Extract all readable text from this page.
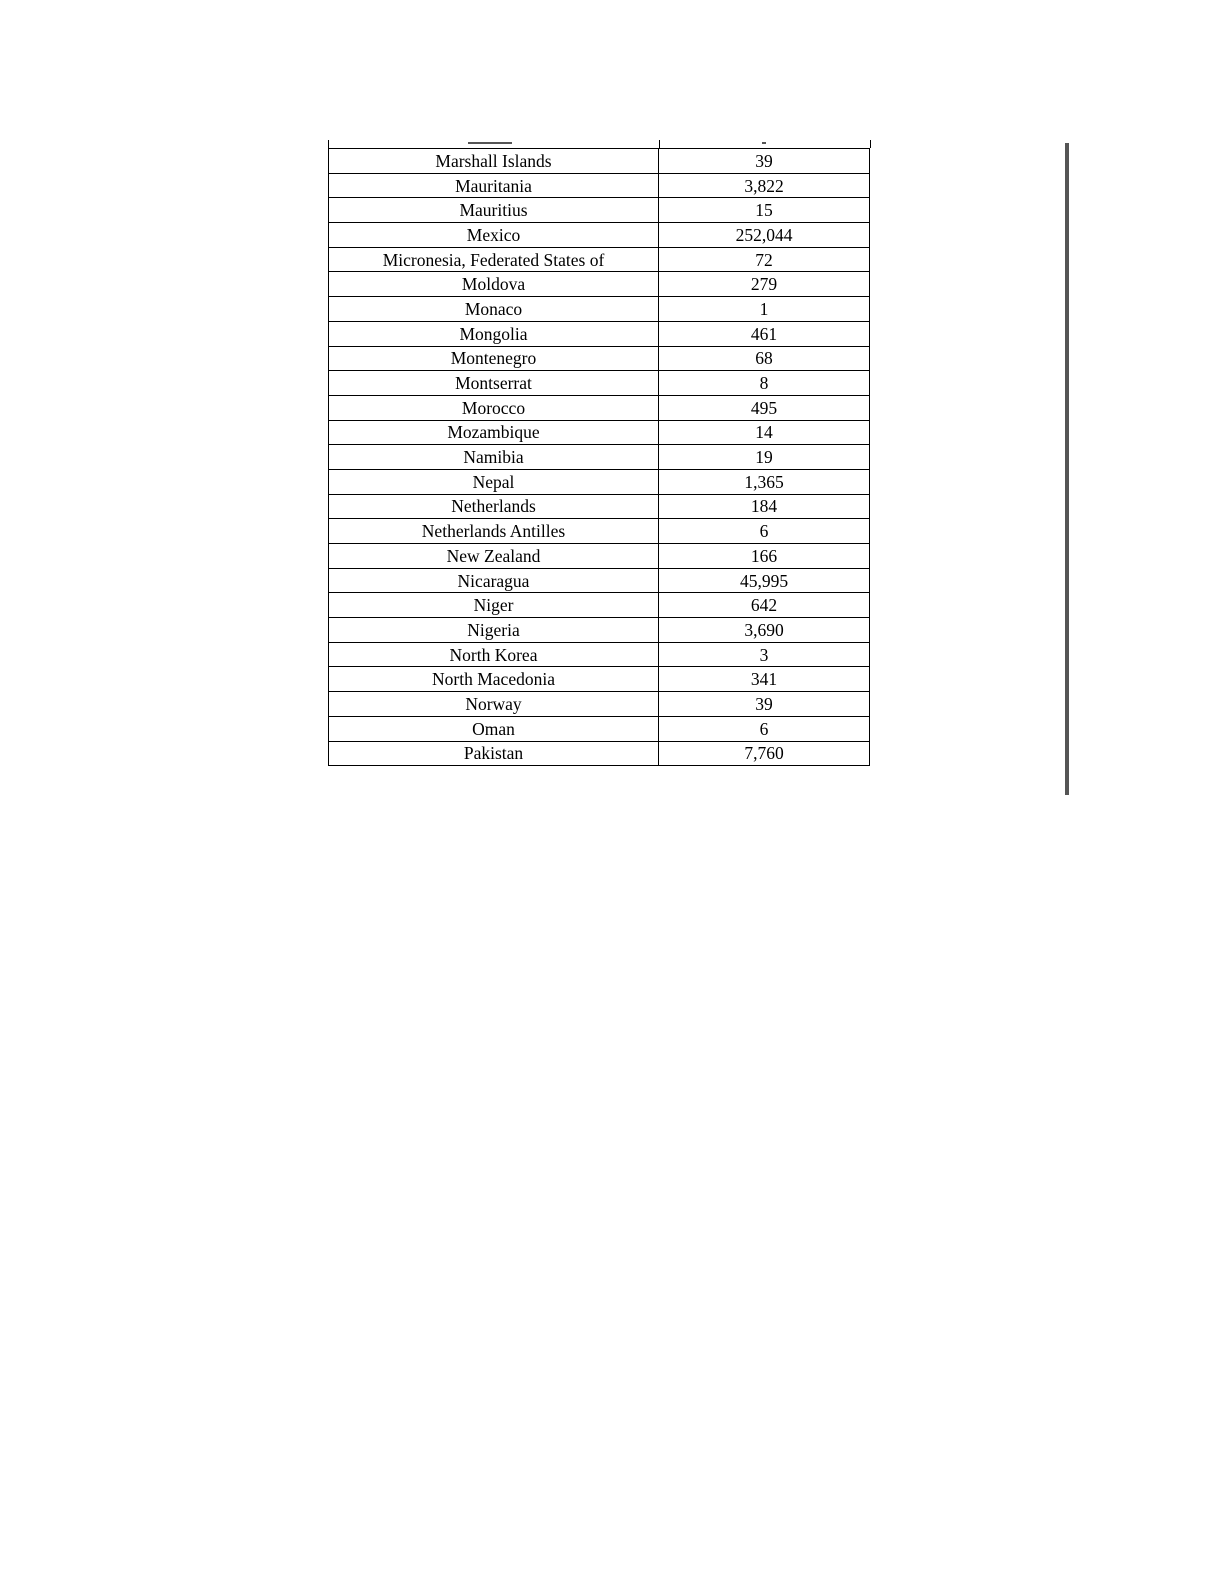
Marshall Islands	39
Mauritania	3,822
Mauritius	15
Mexico	252,044
Micronesia, Federated States of	72
Moldova	279
Monaco	1
Mongolia	461
Montenegro	68
Montserrat	8
Morocco	495
Mozambique	14
Namibia	19
Nepal	1,365
Netherlands	184
Netherlands Antilles	6
New Zealand	166
Nicaragua	45,995
Niger	642
Nigeria	3,690
North Korea	3
North Macedonia	341
Norway	39
Oman	6
Pakistan	7,760
